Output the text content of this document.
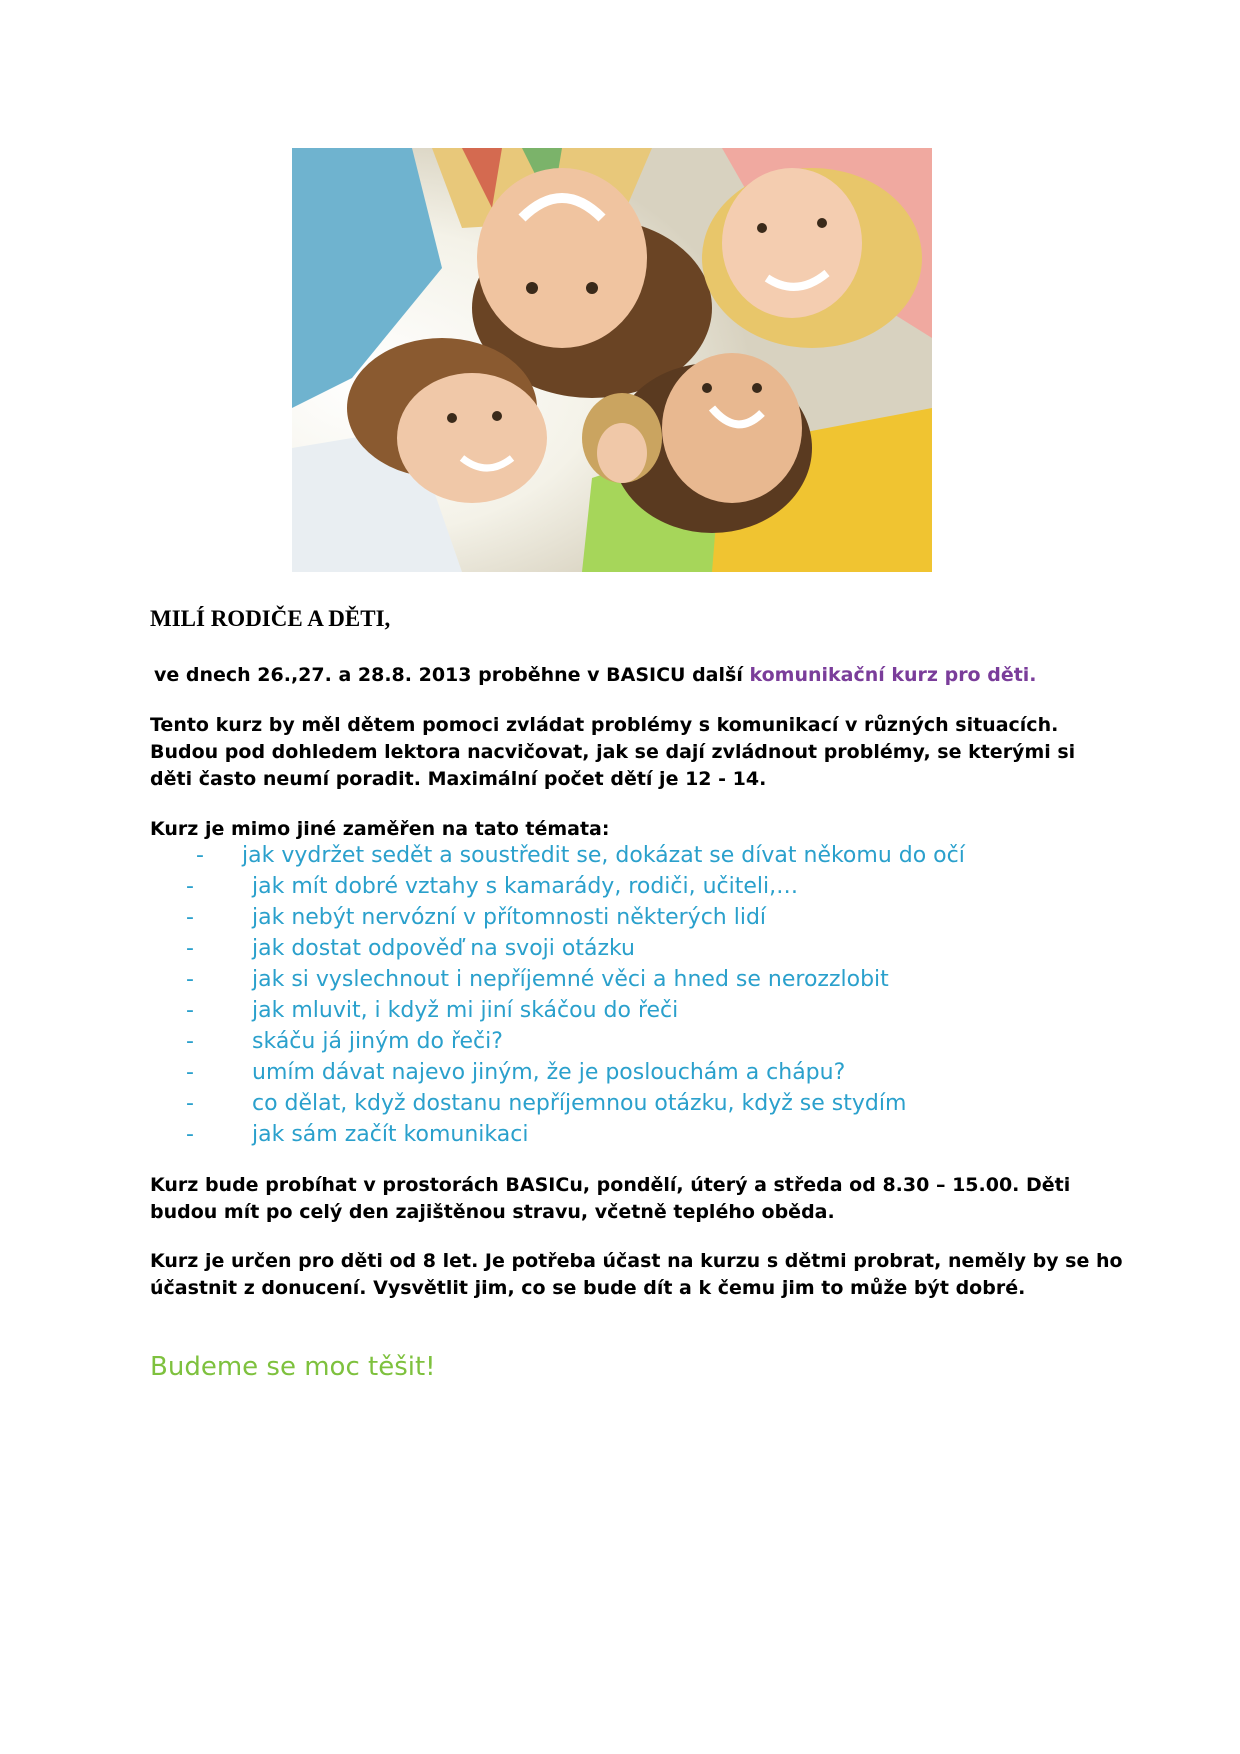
MILÍ RODIČE A DĚTI,

ve dnech 26.,27. a 28.8. 2013 proběhne v BASICU další komunikační kurz pro děti.

Tento kurz by měl dětem pomoci zvládat problémy s komunikací v různých situacích.
Budou pod dohledem lektora nacvičovat, jak se dají zvládnout problémy, se kterými si
děti často neumí poradit. Maximální počet dětí je 12 - 14.

Kurz je mimo jiné zaměřen na tato témata:

- jak vydržet sedět a soustředit se, dokázat se dívat někomu do očí
-	jak mít dobré vztahy s kamarády, rodiči, učiteli,…
-	jak nebýt nervózní v přítomnosti některých lidí
-	jak dostat odpověď na svoji otázku
-	jak si vyslechnout i nepříjemné věci a hned se nerozzlobit
-	jak mluvit, i když mi jiní skáčou do řeči
-	skáču já jiným do řeči?
-	umím dávat najevo jiným, že je poslouchám a chápu?
-	co dělat, když dostanu nepříjemnou otázku, když se stydím
-	jak sám začít komunikaci

Kurz bude probíhat v prostorách BASICu, pondělí, úterý a středa od 8.30 – 15.00. Děti
budou mít po celý den zajištěnou stravu, včetně teplého oběda.

Kurz je určen pro děti od 8 let. Je potřeba účast na kurzu s dětmi probrat, neměly by se ho
účastnit z donucení. Vysvětlit jim, co se bude dít a k čemu jim to může být dobré.

Budeme se moc těšit!
